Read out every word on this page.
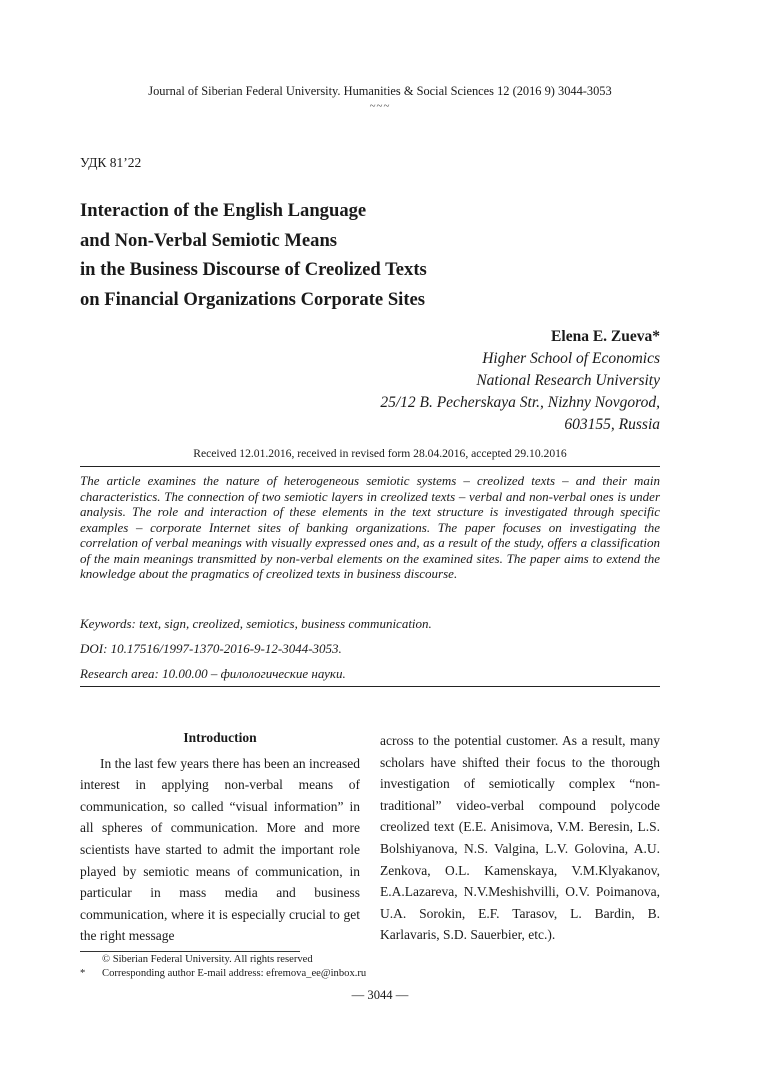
Journal of Siberian Federal University. Humanities & Social Sciences 12 (2016 9) 3044-3053
~~~
УДК 81’22
Interaction of the English Language
and Non-Verbal Semiotic Means
in the Business Discourse of Creolized Texts
on Financial Organizations Corporate Sites
Elena E. Zueva*
Higher School of Economics
National Research University
25/12 B. Pecherskaya Str., Nizhny Novgorod,
603155, Russia
Received 12.01.2016, received in revised form 28.04.2016, accepted 29.10.2016
The article examines the nature of heterogeneous semiotic systems – creolized texts – and their main characteristics. The connection of two semiotic layers in creolized texts – verbal and non-verbal ones is under analysis. The role and interaction of these elements in the text structure is investigated through specific examples – corporate Internet sites of banking organizations. The paper focuses on investigating the correlation of verbal meanings with visually expressed ones and, as a result of the study, offers a classification of the main meanings transmitted by non-verbal elements on the examined sites. The paper aims to extend the knowledge about the pragmatics of creolized texts in business discourse.
Keywords: text, sign, creolized, semiotics, business communication.
DOI: 10.17516/1997-1370-2016-9-12-3044-3053.
Research area: 10.00.00 – филологические науки.
Introduction
In the last few years there has been an increased interest in applying non-verbal means of communication, so called “visual information” in all spheres of communication. More and more scientists have started to admit the important role played by semiotic means of communication, in particular in mass media and business communication, where it is especially crucial to get the right message
across to the potential customer. As a result, many scholars have shifted their focus to the thorough investigation of semiotically complex “non-traditional” video-verbal compound polycode creolized text (E.E. Anisimova, V.M. Beresin, L.S. Bolshiyanova, N.S. Valgina, L.V. Golovina, A.U. Zenkova, O.L. Kamenskaya, V.M.Klyakanov, E.A.Lazareva, N.V.Meshishvilli, O.V. Poimanova, U.A. Sorokin, E.F. Tarasov, L. Bardin, B. Karlavaris, S.D. Sauerbier, etc.).
© Siberian Federal University. All rights reserved
* Corresponding author E-mail address: efremova_ee@inbox.ru
— 3044 —
